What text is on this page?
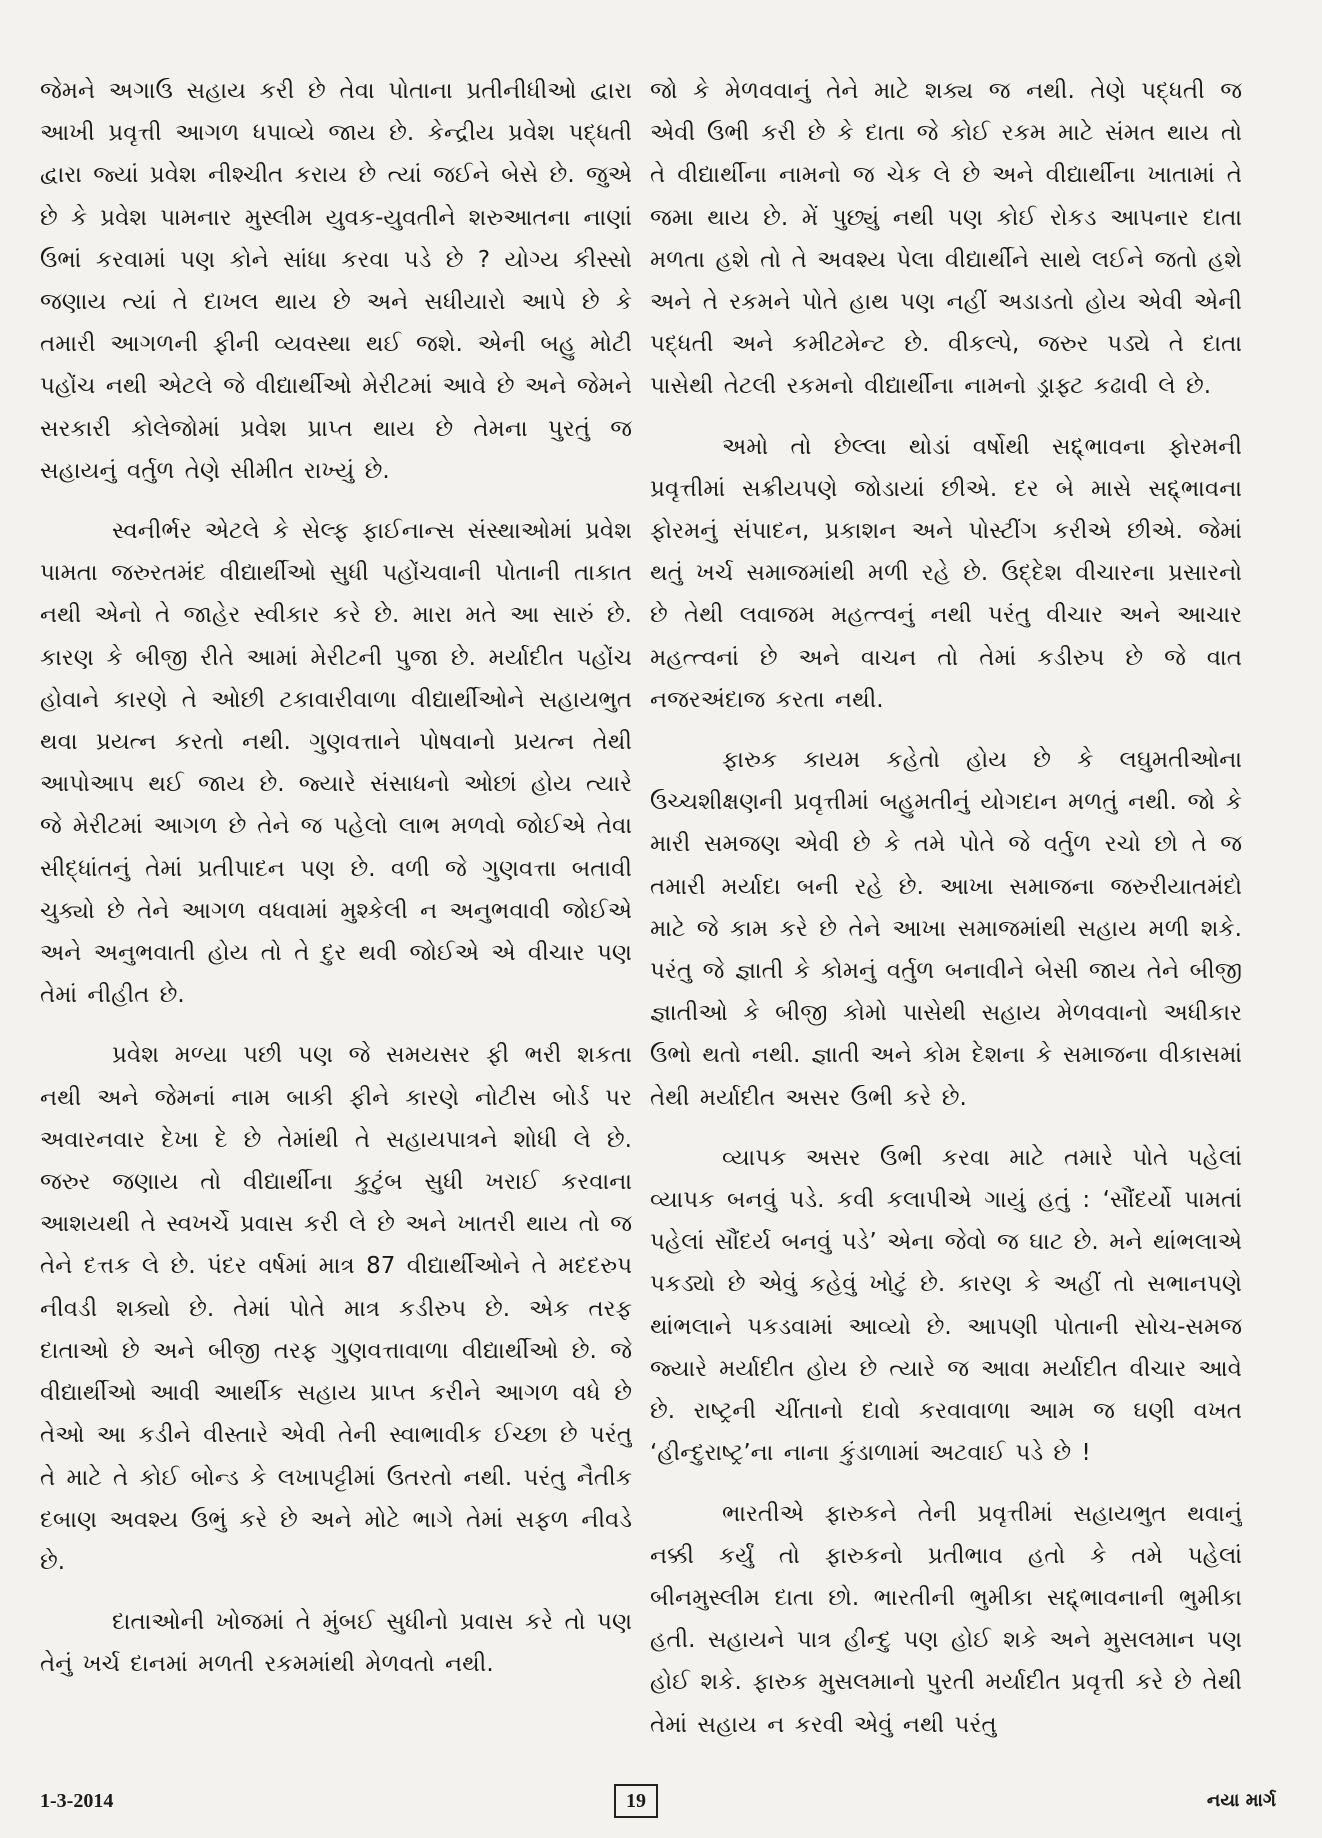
જેમને અગાઉ સહાય કરી છે તેવા પોતાના પ્રતીનીધીઓ દ્વારા આખી પ્રવૃત્તી આગળ ધપાવ્યે જાય છે. કેન્દ્રીય પ્રવેશ પદ્ધતી દ્વારા જ્યાં પ્રવેશ નીશ્ચીત કરાય છે ત્યાં જઈને બેસે છે. જુએ છે કે પ્રવેશ પામનાર મુસ્લીમ યુવક-યુવતીને શરુઆતના નાણાં ઉભાં કરવામાં પણ કોને સાંધા કરવા પડે છે ? યોગ્ય કીસ્સો જણાય ત્યાં તે દાખલ થાય છે અને સધીયારો આપે છે કે તમારી આગળની ફીની વ્યવસ્થા થઈ જશે. એની બહુ મોટી પહોંચ નથી એટલે જે વીદ્યાર્થીઓ મેરીટમાં આવે છે અને જેમને સરકારી કોલેજોમાં પ્રવેશ પ્રાપ્ત થાય છે તેમના પુરતું જ સહાયનું વર્તુળ તેણે સીમીત રાખ્યું છે.

સ્વનીર્ભર એટલે કે સેલ્ફ ફાઈનાન્સ સંસ્થાઓમાં પ્રવેશ પામતા જરુરતમંદ વીદ્યાર્થીઓ સુધી પહોંચવાની પોતાની તાકાત નથી એનો તે જાહેર સ્વીકાર કરે છે. મારા મતે આ સારું છે. કારણ કે બીજી રીતે આમાં મેરીટની પુજા છે. મર્યાદીત પહોંચ હોવાને કારણે તે ઓછી ટકાવારીવાળા વીદ્યાર્થીઓને સહાયભુત થવા પ્રયત્ન કરતો નથી. ગુણવત્તાને પોષવાનો પ્રયત્ન તેથી આપોઆપ થઈ જાય છે. જ્યારે સંસાધનો ઓછાં હોય ત્યારે જે મેરીટમાં આગળ છે તેને જ પહેલો લાભ મળવો જોઈએ તેવા સીદ્ધાંતનું તેમાં પ્રતીપાદન પણ છે. વળી જે ગુણવત્તા બતાવી ચુક્યો છે તેને આગળ વધવામાં મુશ્કેલી ન અનુભવાવી જોઈએ અને અનુભવાતી હોય તો તે દુર થવી જોઈએ એ વીચાર પણ તેમાં નીહીત છે.

પ્રવેશ મળ્યા પછી પણ જે સમયસર ફી ભરી શકતા નથી અને જેમનાં નામ બાકી ફીને કારણે નોટીસ બોર્ડ પર અવારનવાર દેખા દે છે તેમાંથી તે સહાયપાત્રને શોધી લે છે. જરુર જણાય તો વીદ્યાર્થીના કુટુંબ સુધી ખરાઈ કરવાના આશયથી તે સ્વખર્ચે પ્રવાસ કરી લે છે અને ખાતરી થાય તો જ તેને દત્તક લે છે. પંદર વર્ષમાં માત્ર 87 વીદ્યાર્થીઓને તે મદદરુપ નીવડી શક્યો છે. તેમાં પોતે માત્ર કડીરુપ છે. એક તરફ દાતાઓ છે અને બીજી તરફ ગુણવત્તાવાળા વીદ્યાર્થીઓ છે. જે વીદ્યાર્થીઓ આવી આર્થીક સહાય પ્રાપ્ત કરીને આગળ વધે છે તેઓ આ કડીને વીસ્તારે એવી તેની સ્વાભાવીક ઈચ્છા છે પરંતુ તે માટે તે કોઈ બોન્ડ કે લખાપટ્ટીમાં ઉતરતો નથી. પરંતુ નૈતીક દબાણ અવશ્ય ઉભું કરે છે અને મોટે ભાગે તેમાં સફળ નીવડે છે.

દાતાઓની ખોજમાં તે મુંબઈ સુધીનો પ્રવાસ કરે તો પણ તેનું ખર્ચ દાનમાં મળતી રકમમાંથી મેળવતો નથી.

જો કે મેળવવાનું તેને માટે શક્ય જ નથી. તેણે પદ્ધતી જ એવી ઉભી કરી છે કે દાતા જે કોઈ રકમ માટે સંમત થાય તો તે વીદ્યાર્થીના નામનો જ ચેક લે છે અને વીદ્યાર્થીના ખાતામાં તે જમા થાય છે. મેં પુછ્યું નથી પણ કોઈ રોકડ આપનાર દાતા મળતા હશે તો તે અવશ્ય પેલા વીદ્યાર્થીને સાથે લઈને જતો હશે અને તે રકમને પોતે હાથ પણ નહીં અડાડતો હોય એવી એની પદ્ધતી અને કમીટમેન્ટ છે. વીકલ્પે, જરુર પડ્યે તે દાતા પાસેથી તેટલી રકમનો વીદ્યાર્થીના નામનો ડ્રાફ્ટ કઢાવી લે છે.

અમો તો છેલ્લા થોડાં વર્ષોથી સદ્દ્ભાવના ફોરમની પ્રવૃત્તીમાં સક્રીયપણે જોડાયાં છીએ. દર બે માસે સદ્દ્ભાવના ફોરમનું સંપાદન, પ્રકાશન અને પોસ્ટીંગ કરીએ છીએ. જેમાં થતું ખર્ચ સમાજમાંથી મળી રહે છે. ઉદ્દેશ વીચારના પ્રસારનો છે તેથી લવાજમ મહત્ત્વનું નથી પરંતુ વીચાર અને આચાર મહત્ત્વનાં છે અને વાચન તો તેમાં કડીરુપ છે જે વાત નજરઅંદાજ કરતા નથી.

ફારુક કાયમ કહેતો હોય છે કે લઘુમતીઓના ઉચ્ચશીક્ષણની પ્રવૃત્તીમાં બહુમતીનું યોગદાન મળતું નથી. જો કે મારી સમજણ એવી છે કે તમે પોતે જે વર્તુળ રચો છો તે જ તમારી મર્યાદા બની રહે છે. આખા સમાજના જરુરીયાતમંદો માટે જે કામ કરે છે તેને આખા સમાજમાંથી સહાય મળી શકે. પરંતુ જે જ્ઞાતી કે કોમનું વર્તુળ બનાવીને બેસી જાય તેને બીજી જ્ઞાતીઓ કે બીજી કોમો પાસેથી સહાય મેળવવાનો અધીકાર ઉભો થતો નથી. જ્ઞાતી અને કોમ દેશના કે સમાજના વીકાસમાં તેથી મર્યાદીત અસર ઉભી કરે છે.

વ્યાપક અસર ઉભી કરવા માટે તમારે પોતે પહેલાં વ્યાપક બનવું પડે. કવી કલાપીએ ગાયું હતું : ‘સૌંદર્યો પામતાં પહેલાં સૌંદર્ય બનવું પડે’ એના જેવો જ ઘાટ છે. મને થાંભલાએ પકડ્યો છે એવું કહેવું ખોટું છે. કારણ કે અહીં તો સભાનપણે થાંભલાને પકડવામાં આવ્યો છે. આપણી પોતાની સોચ-સમજ જ્યારે મર્યાદીત હોય છે ત્યારે જ આવા મર્યાદીત વીચાર આવે છે. રાષ્ટ્રની ચીંતાનો દાવો કરવાવાળા આમ જ ઘણી વખત ‘હીન્દુરાષ્ટ્ર’ના નાના કુંડાળામાં અટવાઈ પડે છે !

ભારતીએ ફારુકને તેની પ્રવૃત્તીમાં સહાયભુત થવાનું નક્કી કર્યું તો ફારુકનો પ્રતીભાવ હતો કે તમે પહેલાં બીનમુસ્લીમ દાતા છો. ભારતીની ભુમીકા સદ્દ્ભાવનાની ભુમીકા હતી. સહાયને પાત્ર હીન્દુ પણ હોઈ શકે અને મુસલમાન પણ હોઈ શકે. ફારુક મુસલમાનો પુરતી મર્યાદીત પ્રવૃત્તી કરે છે તેથી તેમાં સહાય ન કરવી એવું નથી પરંતુ

1-3-2014	19	નયા માર્ગ
